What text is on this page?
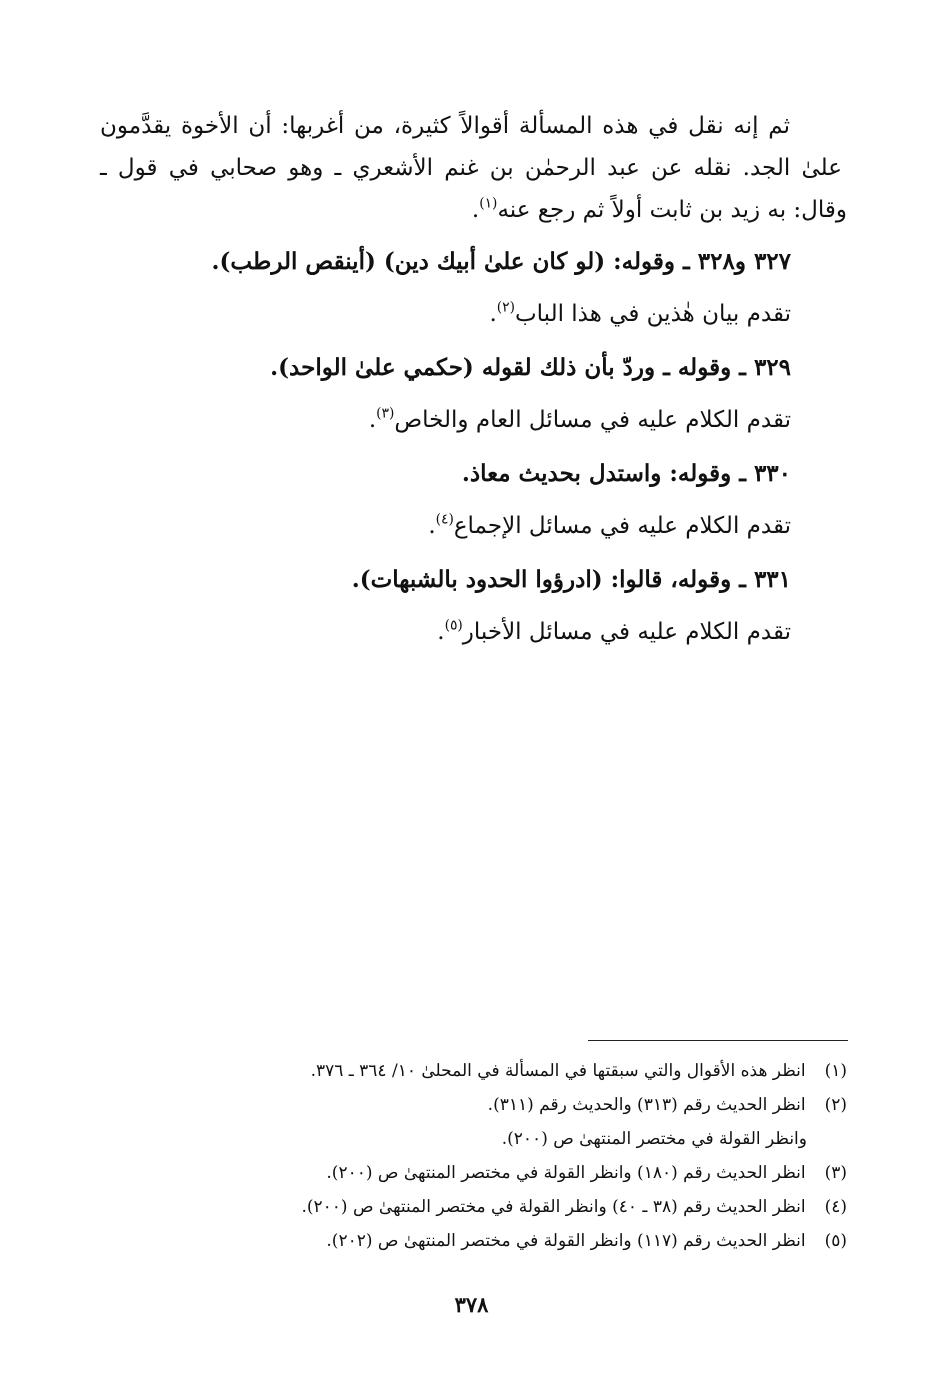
ثم إنه نقل في هذه المسألة أقوالاً كثيرة، من أغربها: أن الأخوة يقدَّمون
علىٰ الجد. نقله عن عبد الرحمٰن بن غنم الأشعري ـ وهو صحابي في قول ـ
وقال: به زيد بن ثابت أولاً ثم رجع عنه$^{(١)}$.
٣٢٧ و٣٢٨ ـ وقوله: (لو كان علىٰ أبيك دين) (أينقص الرطب).
تقدم بيان هٰذين في هذا الباب$^{(٢)}$.
٣٢٩ ـ وقوله ـ وردّ بأن ذلك لقوله (حكمي علىٰ الواحد).
تقدم الكلام عليه في مسائل العام والخاص$^{(٣)}$.
٣٣٠ ـ وقوله: واستدل بحديث معاذ.
تقدم الكلام عليه في مسائل الإجماع$^{(٤)}$.
٣٣١ ـ وقوله، قالوا: (ادرؤوا الحدود بالشبهات).
تقدم الكلام عليه في مسائل الأخبار$^{(٥)}$.
(١) انظر هذه الأقوال والتي سبقتها في المسألة في المحلىٰ ١٠/ ٣٦٤ ـ ٣٧٦.
(٢) انظر الحديث رقم (٣١٣) والحديث رقم (٣١١).
وانظر القولة في مختصر المنتهىٰ ص (٢٠٠).
(٣) انظر الحديث رقم (١٨٠) وانظر القولة في مختصر المنتهىٰ ص (٢٠٠).
(٤) انظر الحديث رقم (٣٨ ـ ٤٠) وانظر القولة في مختصر المنتهىٰ ص (٢٠٠).
(٥) انظر الحديث رقم (١١٧) وانظر القولة في مختصر المنتهىٰ ص (٢٠٢).
٣٧٨
